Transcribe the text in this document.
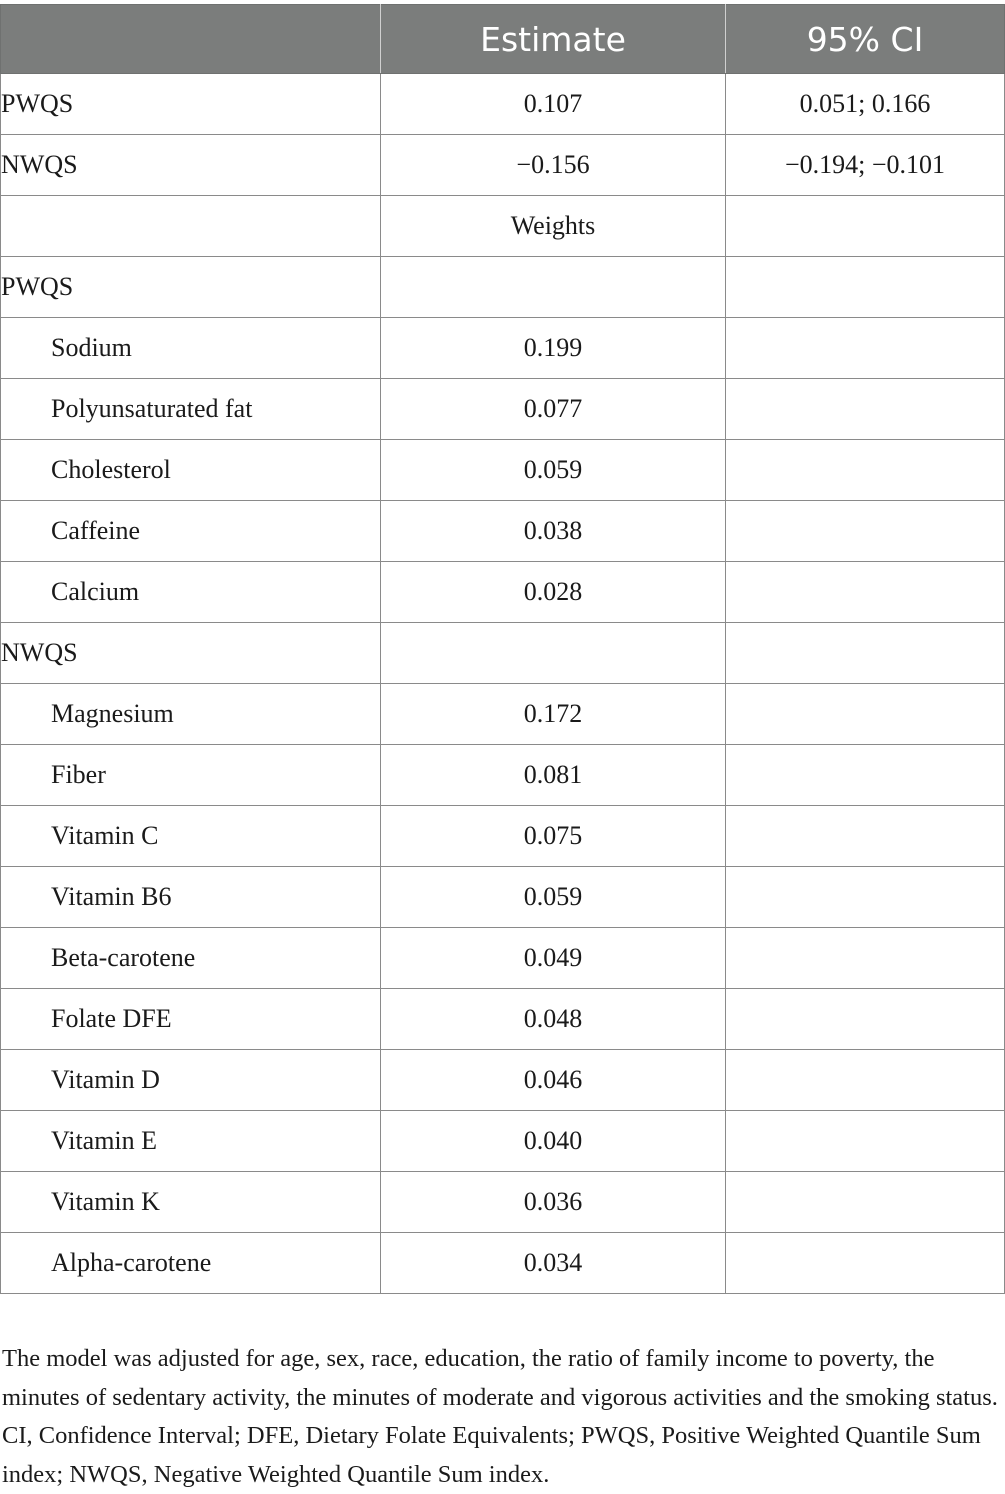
	Estimate	95% CI
PWQS	0.107	0.051; 0.166
NWQS	−0.156	−0.194; −0.101
	Weights	
PWQS		
Sodium	0.199	
Polyunsaturated fat	0.077	
Cholesterol	0.059	
Caffeine	0.038	
Calcium	0.028	
NWQS		
Magnesium	0.172	
Fiber	0.081	
Vitamin C	0.075	
Vitamin B6	0.059	
Beta-carotene	0.049	
Folate DFE	0.048	
Vitamin D	0.046	
Vitamin E	0.040	
Vitamin K	0.036	
Alpha-carotene	0.034	

The model was adjusted for age, sex, race, education, the ratio of family income to poverty, the minutes of sedentary activity, the minutes of moderate and vigorous activities and the smoking status. CI, Confidence Interval; DFE, Dietary Folate Equivalents; PWQS, Positive Weighted Quantile Sum index; NWQS, Negative Weighted Quantile Sum index.
